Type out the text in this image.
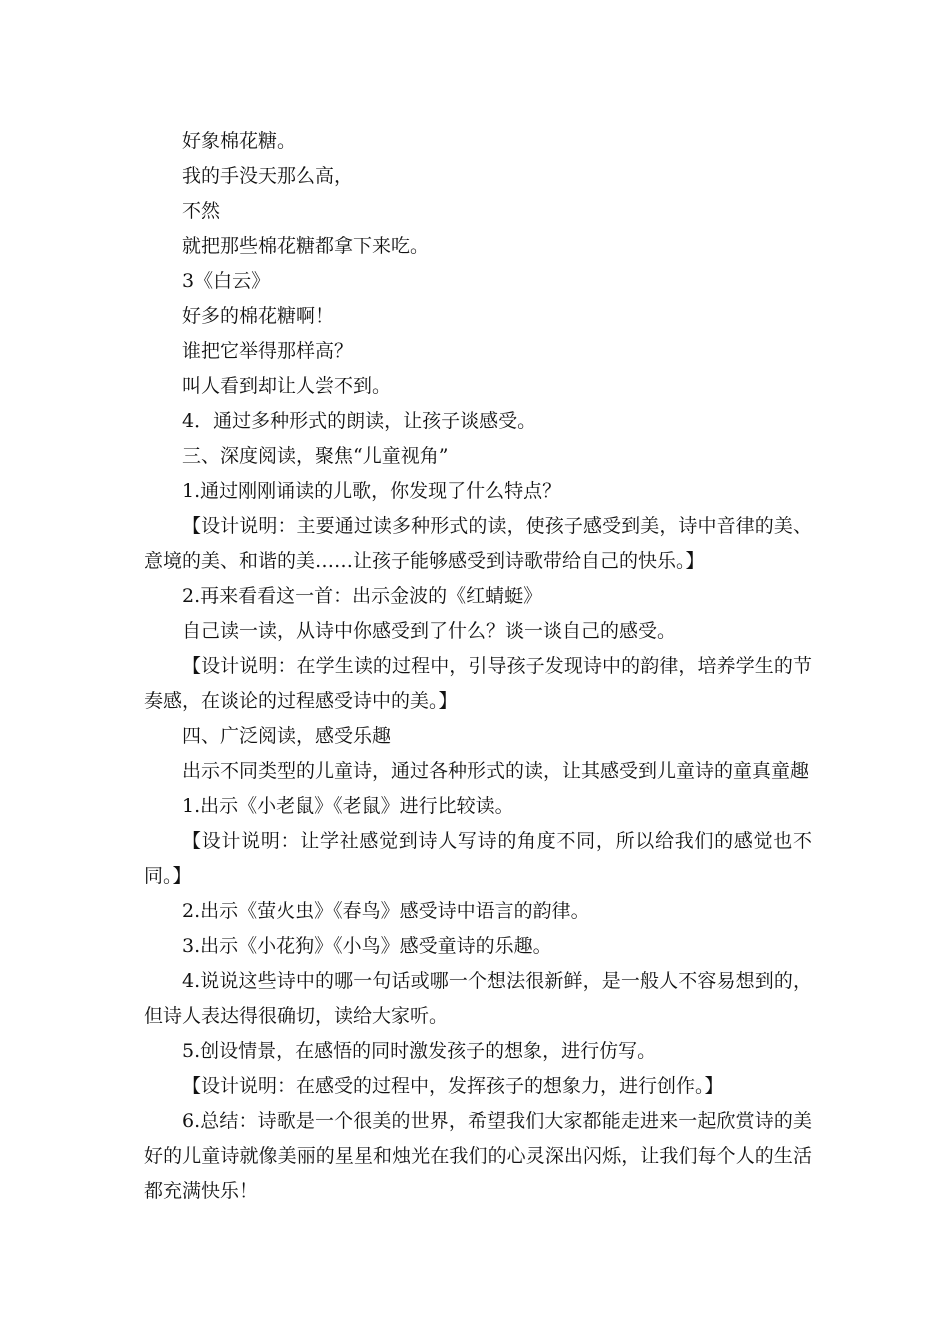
好象棉花糖。
我的手没天那么高，
不然
就把那些棉花糖都拿下来吃。
3《白云》
好多的棉花糖啊！
谁把它举得那样高？
叫人看到却让人尝不到。
4．通过多种形式的朗读，让孩子谈感受。
三、深度阅读，聚焦“儿童视角”
1.通过刚刚诵读的儿歌，你发现了什么特点？
【设计说明：主要通过读多种形式的读，使孩子感受到美，诗中音律的美、意境的美、和谐的美……让孩子能够感受到诗歌带给自己的快乐。】
2.再来看看这一首：出示金波的《红蜻蜓》
自己读一读，从诗中你感受到了什么？谈一谈自己的感受。
【设计说明：在学生读的过程中，引导孩子发现诗中的韵律，培养学生的节奏感，在谈论的过程感受诗中的美。】
四、广泛阅读，感受乐趣
出示不同类型的儿童诗，通过各种形式的读，让其感受到儿童诗的童真童趣
1.出示《小老鼠》《老鼠》进行比较读。
【设计说明：让学社感觉到诗人写诗的角度不同，所以给我们的感觉也不同。】
2.出示《萤火虫》《春鸟》感受诗中语言的韵律。
3.出示《小花狗》《小鸟》感受童诗的乐趣。
4.说说这些诗中的哪一句话或哪一个想法很新鲜，是一般人不容易想到的，但诗人表达得很确切，读给大家听。
5.创设情景，在感悟的同时激发孩子的想象，进行仿写。
【设计说明：在感受的过程中，发挥孩子的想象力，进行创作。】
6.总结：诗歌是一个很美的世界，希望我们大家都能走进来一起欣赏诗的美好的儿童诗就像美丽的星星和烛光在我们的心灵深出闪烁，让我们每个人的生活都充满快乐！
